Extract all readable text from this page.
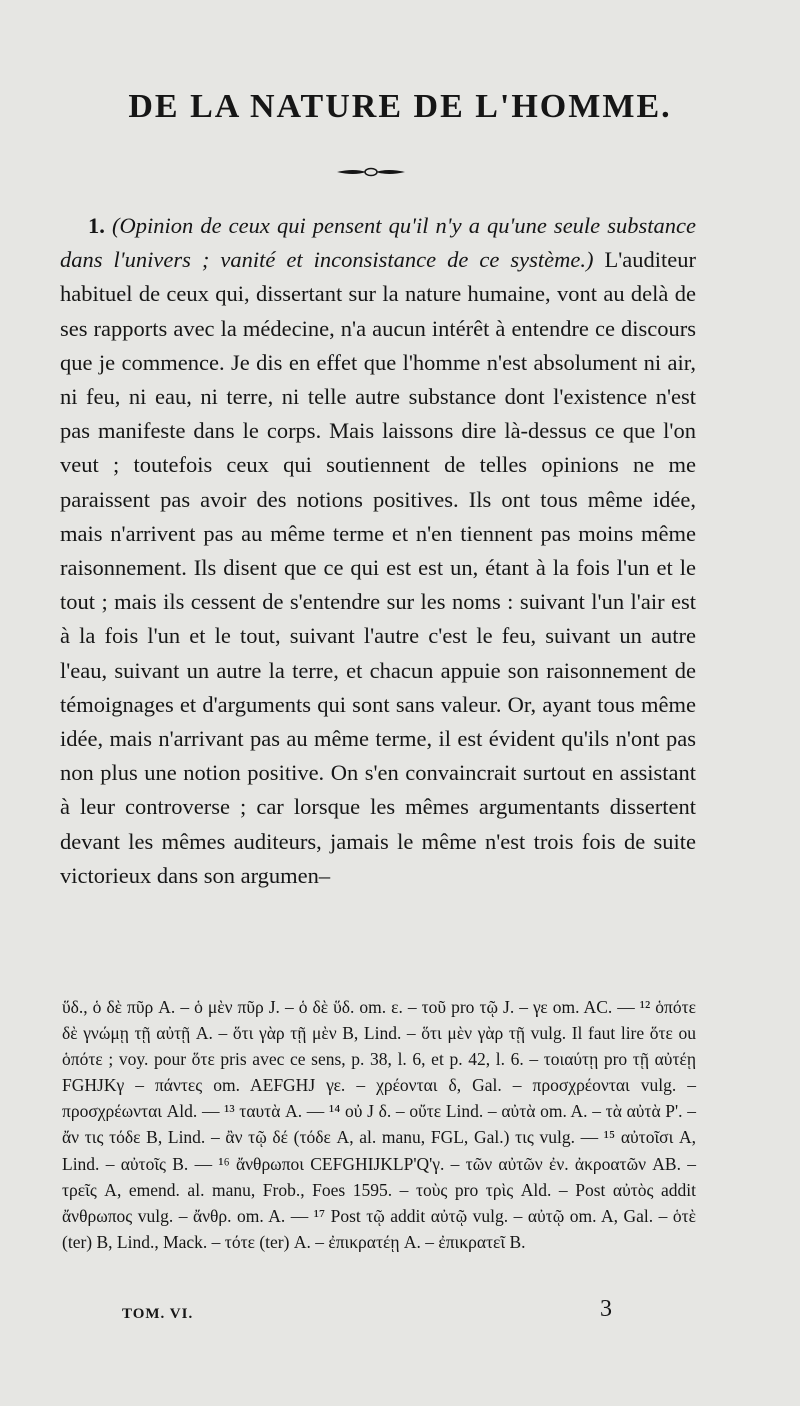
DE LA NATURE DE L'HOMME.

1. (Opinion de ceux qui pensent qu'il n'y a qu'une seule substance dans l'univers ; vanité et inconsistance de ce système.) L'auditeur habituel de ceux qui, dissertant sur la nature humaine, vont au delà de ses rapports avec la médecine, n'a aucun intérêt à entendre ce discours que je commence. Je dis en effet que l'homme n'est absolument ni air, ni feu, ni eau, ni terre, ni telle autre substance dont l'existence n'est pas manifeste dans le corps. Mais laissons dire là-dessus ce que l'on veut ; toutefois ceux qui soutiennent de telles opinions ne me paraissent pas avoir des notions positives. Ils ont tous même idée, mais n'arrivent pas au même terme et n'en tiennent pas moins même raisonnement. Ils disent que ce qui est est un, étant à la fois l'un et le tout ; mais ils cessent de s'entendre sur les noms : suivant l'un l'air est à la fois l'un et le tout, suivant l'autre c'est le feu, suivant un autre l'eau, suivant un autre la terre, et chacun appuie son raisonnement de témoignages et d'arguments qui sont sans valeur. Or, ayant tous même idée, mais n'arrivant pas au même terme, il est évident qu'ils n'ont pas non plus une notion positive. On s'en convaincrait surtout en assistant à leur controverse ; car lorsque les mêmes argumentants dissertent devant les mêmes auditeurs, jamais le même n'est trois fois de suite victorieux dans son argumen–

ὕδ., ὁ δὲ πῦρ A. – ὁ μὲν πῦρ J. – ὁ δὲ ὕδ. om. ε. – τοῦ pro τῷ J. – γε om. AC. — ¹² ὁπότε δὲ γνώμῃ τῇ αὐτῇ A. – ὅτι γὰρ τῇ μὲν B, Lind. – ὅτι μὲν γὰρ τῇ vulg. Il faut lire ὅτε ou ὁπότε ; voy. pour ὅτε pris avec ce sens, p. 38, l. 6, et p. 42, l. 6. – τοιαύτῃ pro τῇ αὐτέῃ FGHJKγ – πάντες om. AEFGHJ γε. – χρέονται δ, Gal. – προσχρέονται vulg. – προσχρέωνται Ald. — ¹³ ταυτὰ A. — ¹⁴ οὐ J δ. – οὔτε Lind. – αὐτὰ om. A. – τὰ αὐτὰ P'. – ἄν τις τόδε B, Lind. – ἂν τῷ δέ (τόδε A, al. manu, FGL, Gal.) τις vulg. — ¹⁵ αὐτοῖσι A, Lind. – αὐτοῖς B. — ¹⁶ ἄνθρωποι CEFGHIJKLP'Q'γ. – τῶν αὐτῶν ἐν. ἀκροατῶν AB. – τρεῖς A, emend. al. manu, Frob., Foes 1595. – τοὺς pro τρὶς Ald. – Post αὐτὸς addit ἄνθρωπος vulg. – ἄνθρ. om. A. — ¹⁷ Post τῷ addit αὐτῷ vulg. – αὐτῷ om. A, Gal. – ὁτὲ (ter) B, Lind., Mack. – τότε (ter) A. – ἐπικρατέῃ A. – ἐπικρατεῖ B.
TOM. VI.	3
